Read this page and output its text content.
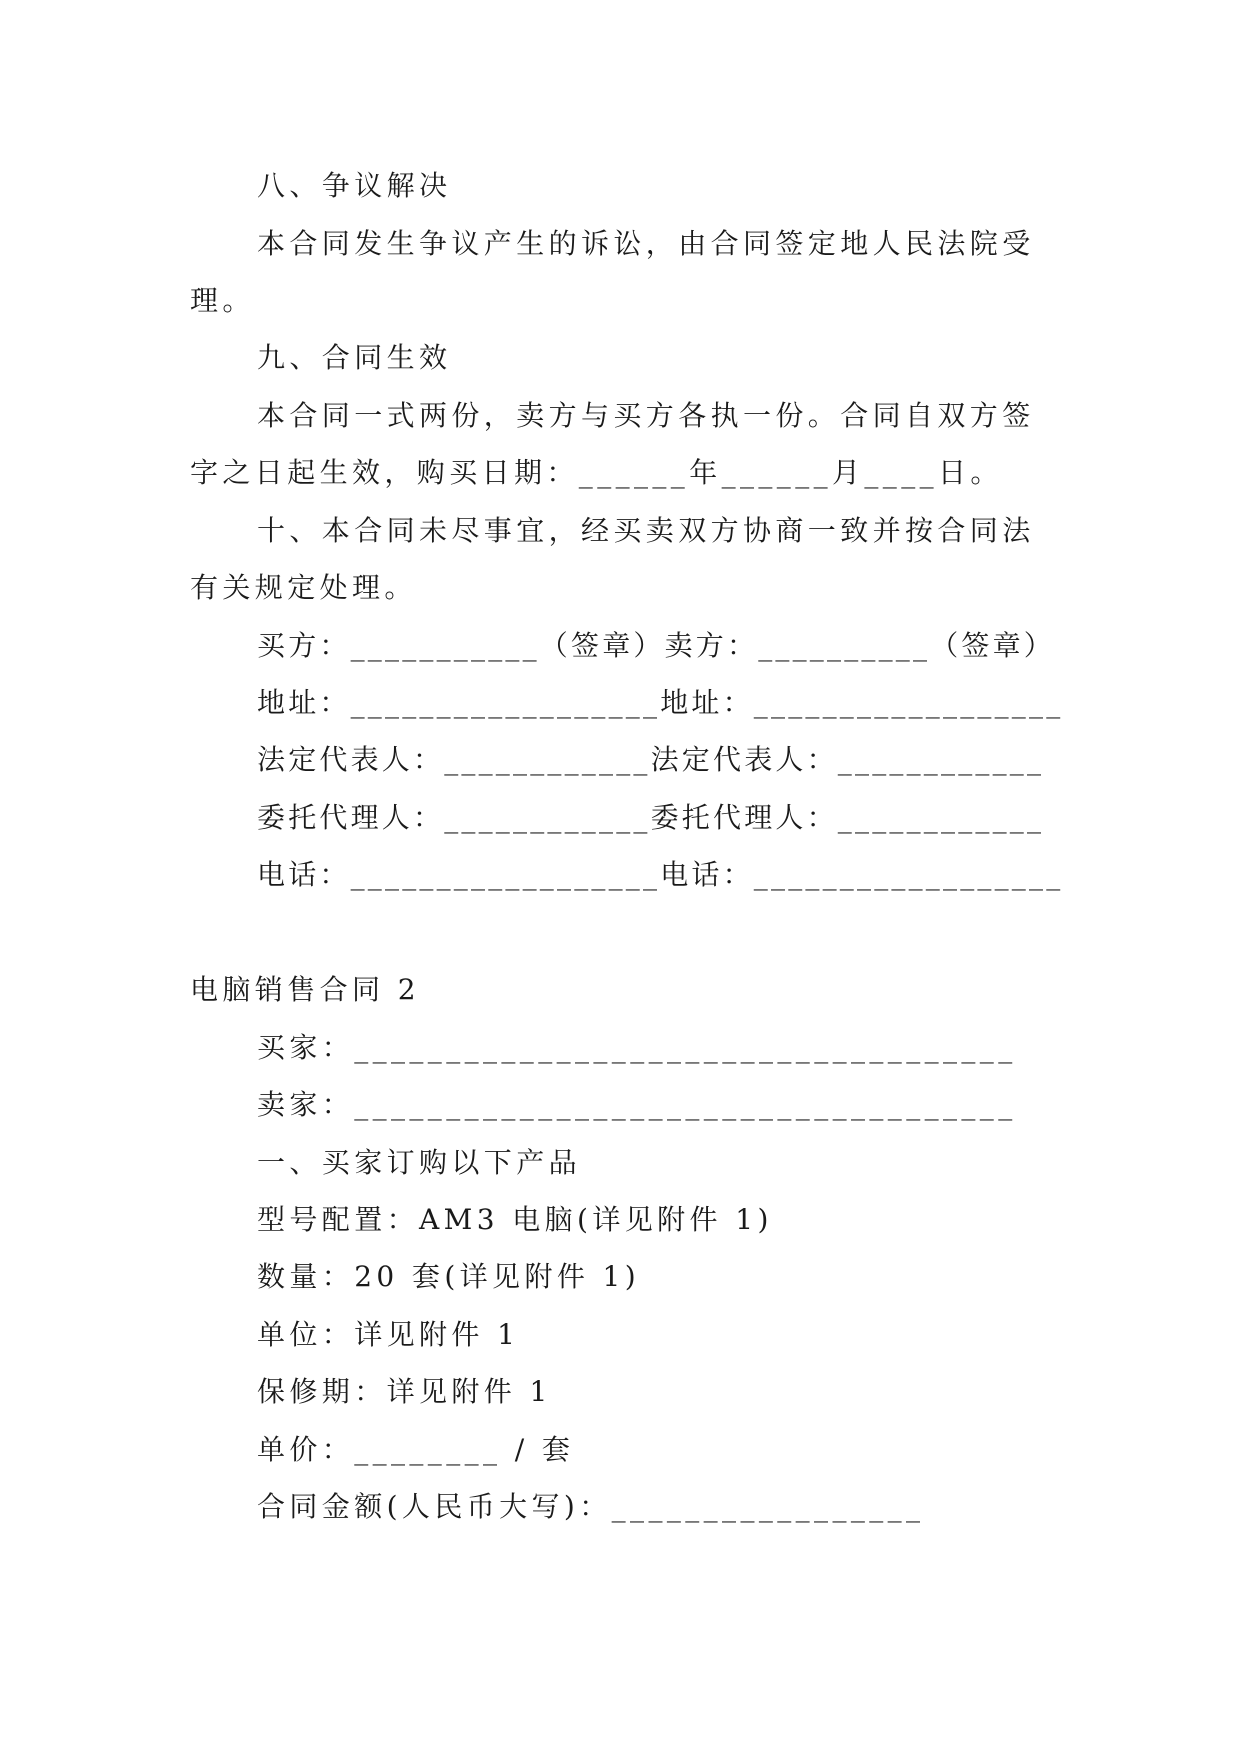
八、争议解决
本合同发生争议产生的诉讼，由合同签定地人民法院受
理。
九、合同生效
本合同一式两份，卖方与买方各执一份。合同自双方签
字之日起生效，购买日期：______年______月____日。
十、本合同未尽事宜，经买卖双方协商一致并按合同法
有关规定处理。
买方：___________（签章）卖方：__________（签章）
地址：__________________地址：__________________
法定代表人：____________法定代表人：____________
委托代理人：____________委托代理人：____________
电话：__________________电话：__________________
电脑销售合同 2
买家：____________________________________
卖家：____________________________________
一、买家订购以下产品
型号配置：AM3 电脑(详见附件 1)
数量：20 套(详见附件 1)
单位：详见附件 1
保修期：详见附件 1
单价：________ / 套
合同金额(人民币大写)：_________________
